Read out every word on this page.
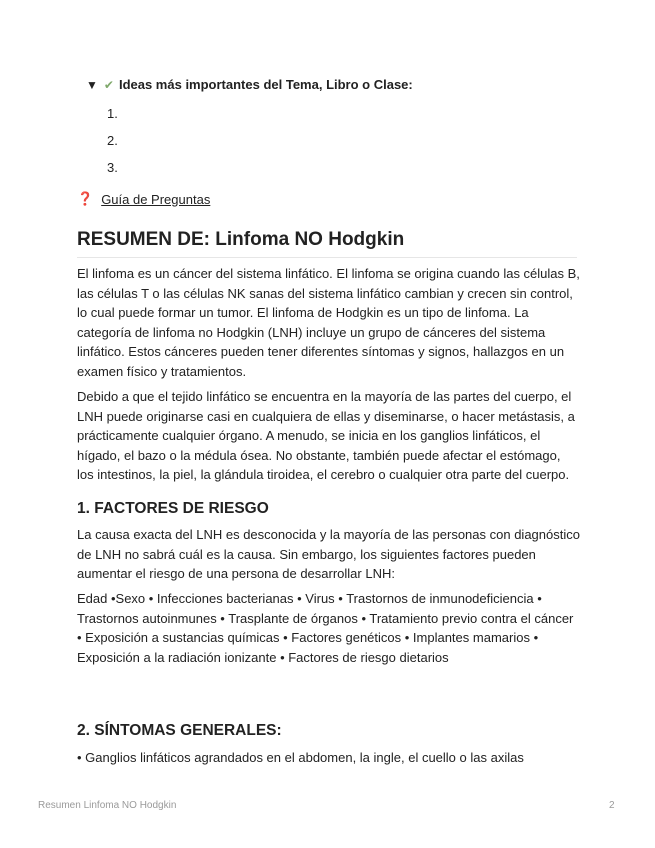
▼ ✔ Ideas más importantes del Tema, Libro o Clase:
1.
2.
3.
❓ Guía de Preguntas
RESUMEN DE: Linfoma NO Hodgkin

El linfoma es un cáncer del sistema linfático. El linfoma se origina cuando las células B, las células T o las células NK sanas del sistema linfático cambian y crecen sin control, lo cual puede formar un tumor. El linfoma de Hodgkin es un tipo de linfoma. La categoría de linfoma no Hodgkin (LNH) incluye un grupo de cánceres del sistema linfático. Estos cánceres pueden tener diferentes síntomas y signos, hallazgos en un examen físico y tratamientos.

Debido a que el tejido linfático se encuentra en la mayoría de las partes del cuerpo, el LNH puede originarse casi en cualquiera de ellas y diseminarse, o hacer metástasis, a prácticamente cualquier órgano. A menudo, se inicia en los ganglios linfáticos, el hígado, el bazo o la médula ósea. No obstante, también puede afectar el estómago, los intestinos, la piel, la glándula tiroidea, el cerebro o cualquier otra parte del cuerpo.

1. FACTORES DE RIESGO

La causa exacta del LNH es desconocida y la mayoría de las personas con diagnóstico de LNH no sabrá cuál es la causa. Sin embargo, los siguientes factores pueden aumentar el riesgo de una persona de desarrollar LNH:

Edad •Sexo • Infecciones bacterianas • Virus • Trastornos de inmunodeficiencia • Trastornos autoinmunes • Trasplante de órganos • Tratamiento previo contra el cáncer • Exposición a sustancias químicas • Factores genéticos • Implantes mamarios • Exposición a la radiación ionizante • Factores de riesgo dietarios

2. SÍNTOMAS GENERALES:

• Ganglios linfáticos agrandados en el abdomen, la ingle, el cuello o las axilas

Resumen Linfoma NO Hodgkin	2
